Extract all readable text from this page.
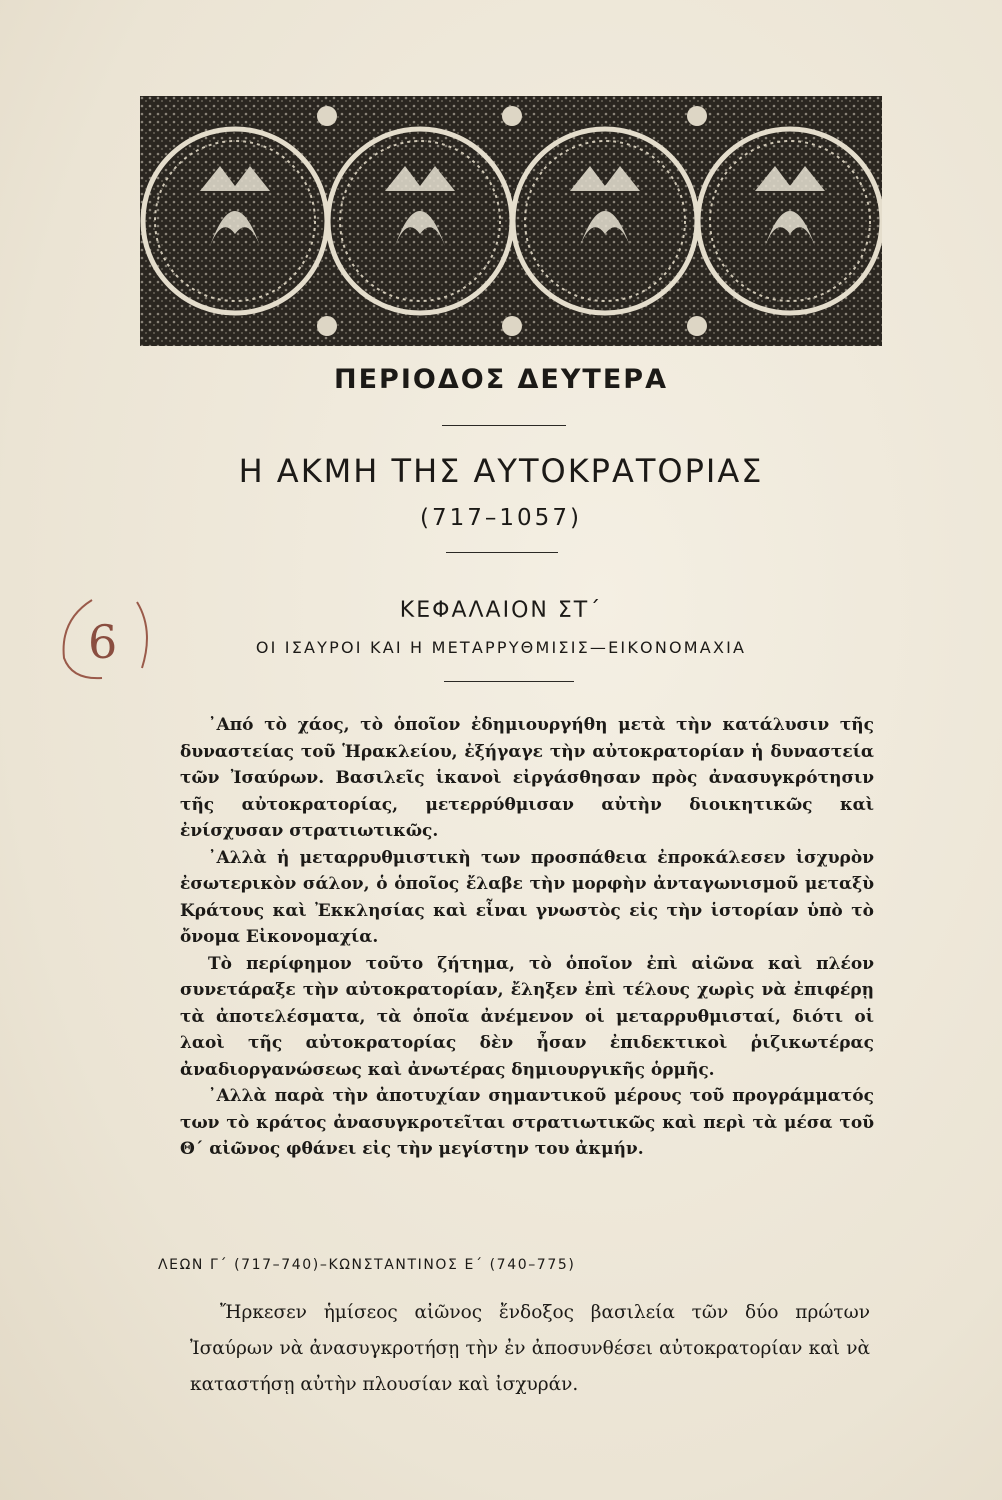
ΠΕΡΙΟΔΟΣ ΔΕΥΤΕΡΑ
Η ΑΚΜΗ ΤΗΣ ΑΥΤΟΚΡΑΤΟΡΙΑΣ
(717–1057)
ΚΕΦΑΛΑΙΟΝ ΣΤ΄
ΟΙ ΙΣΑΥΡΟΙ ΚΑΙ Η ΜΕΤΑΡΡΥΘΜΙΣΙΣ—ΕΙΚΟΝΟΜΑΧΙΑ
6

᾿Από τὸ χάος, τὸ ὁποῖον ἐδημιουργήθη μετὰ τὴν κατάλυσιν τῆς δυναστείας τοῦ Ἡρακλείου, ἐξήγαγε τὴν αὐτοκρατορίαν ἡ δυναστεία τῶν Ἰσαύρων. Βασιλεῖς ἱκανοὶ εἰργάσθησαν πρὸς ἀνασυγκρότησιν τῆς αὐτοκρατορίας, μετερρύθμισαν αὐτὴν διοικητικῶς καὶ ἐνίσχυσαν στρατιωτικῶς.

᾿Αλλὰ ἡ μεταρρυθμιστικὴ των προσπάθεια ἐπροκάλεσεν ἰσχυρὸν ἐσωτερικὸν σάλον, ὁ ὁποῖος ἔλαβε τὴν μορφὴν ἀνταγωνισμοῦ μεταξὺ Κράτους καὶ Ἐκκλησίας καὶ εἶναι γνωστὸς εἰς τὴν ἱστορίαν ὑπὸ τὸ ὄνομα Εἰκονομαχία.

Τὸ περίφημον τοῦτο ζήτημα, τὸ ὁποῖον ἐπὶ αἰῶνα καὶ πλέον συνετάραξε τὴν αὐτοκρατορίαν, ἔληξεν ἐπὶ τέλους χωρὶς νὰ ἐπιφέρῃ τὰ ἀποτελέσματα, τὰ ὁποῖα ἀνέμενον οἱ μεταρρυθμισταί, διότι οἱ λαοὶ τῆς αὐτοκρατορίας δὲν ἦσαν ἐπιδεκτικοὶ ῥιζικωτέρας ἀναδιοργανώσεως καὶ ἀνωτέρας δημιουργικῆς ὁρμῆς.

᾿Αλλὰ παρὰ τὴν ἀποτυχίαν σημαντικοῦ μέρους τοῦ προγράμματός των τὸ κράτος ἀνασυγκροτεῖται στρατιωτικῶς καὶ περὶ τὰ μέσα τοῦ Θ΄ αἰῶνος φθάνει εἰς τὴν μεγίστην του ἀκμήν.

ΛΕΩΝ Γ΄ (717–740)–ΚΩΝΣΤΑΝΤΙΝΟΣ Ε΄ (740–775)

Ἤρκεσεν ἡμίσεος αἰῶνος ἔνδοξος βασιλεία τῶν δύο πρώτων Ἰσαύρων νὰ ἀνασυγκροτήσῃ τὴν ἐν ἀποσυνθέσει αὐτοκρατορίαν καὶ νὰ καταστήσῃ αὐτὴν πλουσίαν καὶ ἰσχυράν.
